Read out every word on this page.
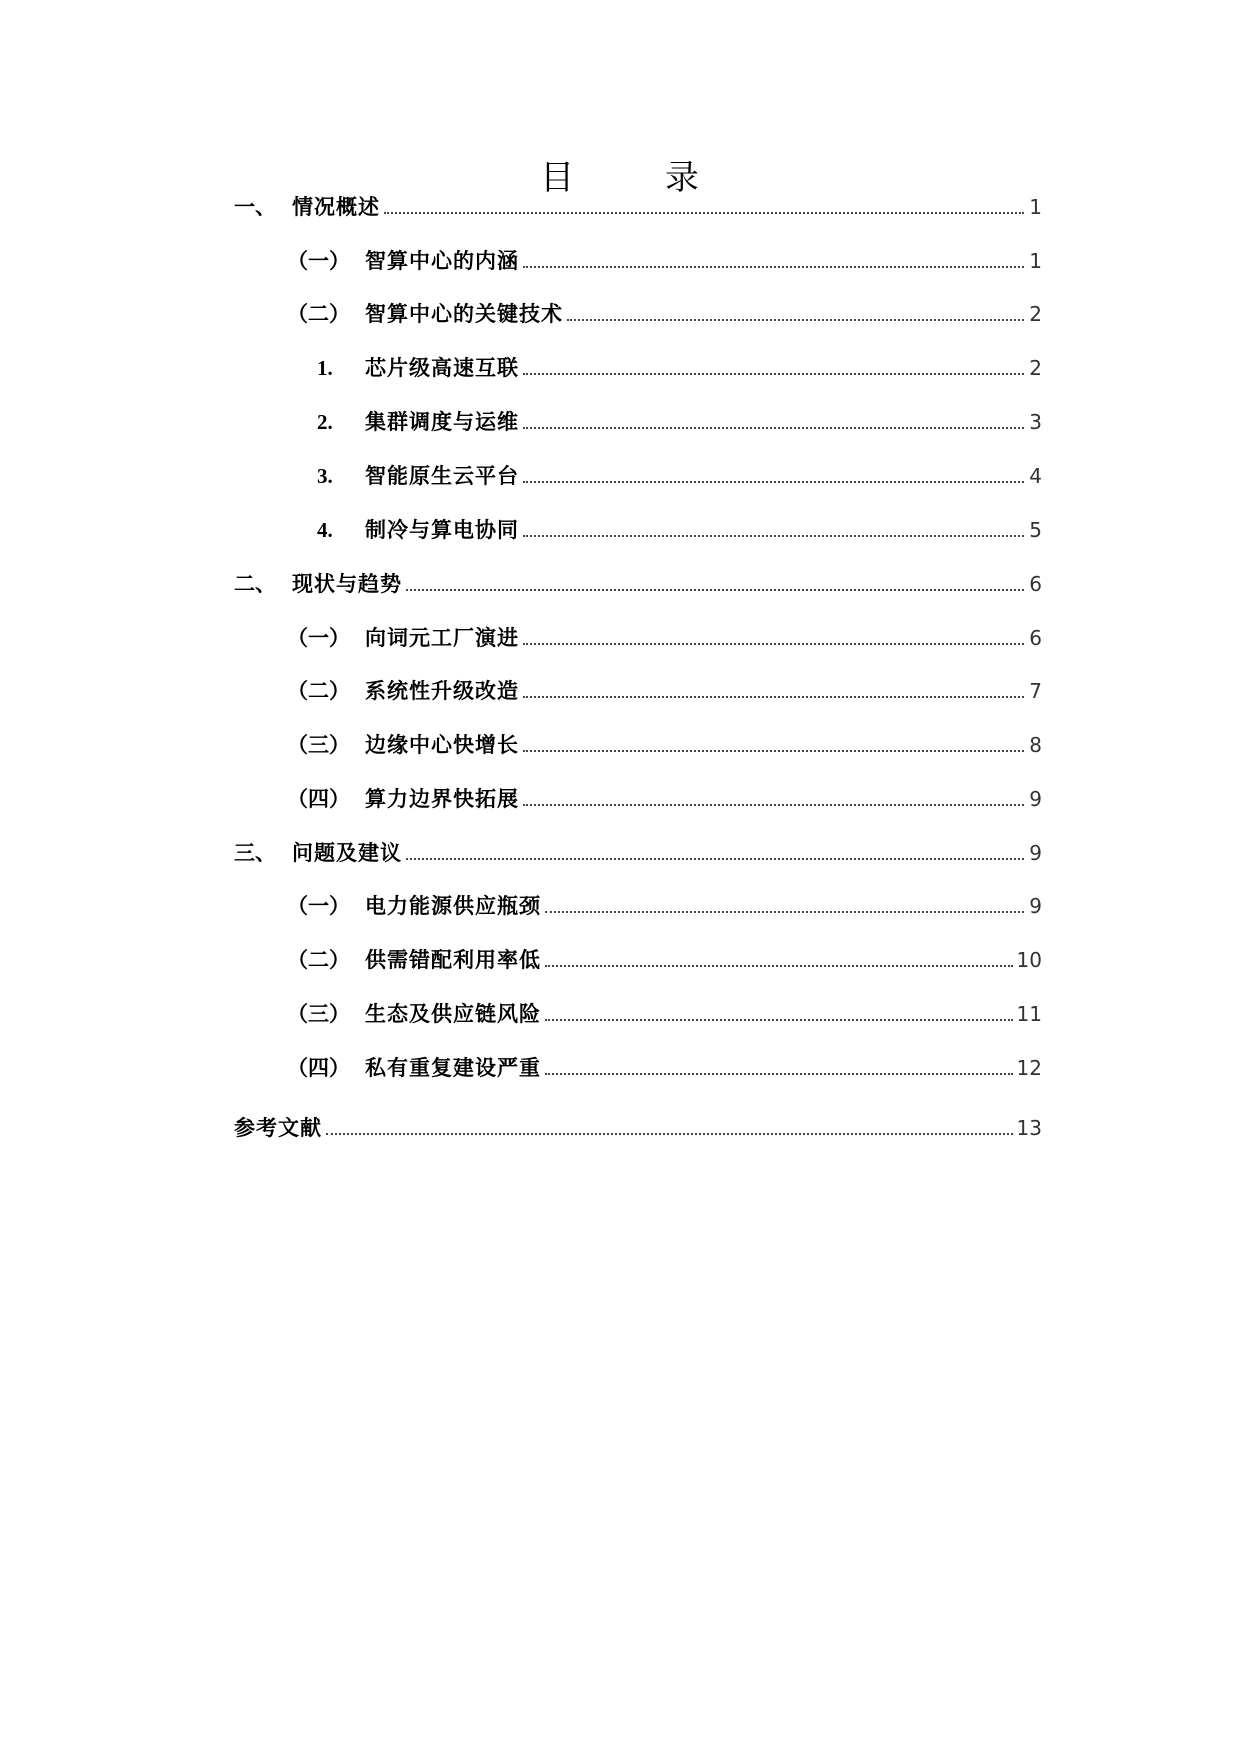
目 录
一、 情况概述	1
（一） 智算中心的内涵	1
（二） 智算中心的关键技术	2
1.	芯片级高速互联	2
2.	集群调度与运维	3
3.	智能原生云平台	4
4.	制冷与算电协同	5
二、 现状与趋势	6
（一） 向词元工厂演进	6
（二） 系统性升级改造	7
（三） 边缘中心快增长	8
（四） 算力边界快拓展	9
三、 问题及建议	9
（一） 电力能源供应瓶颈	9
（二） 供需错配利用率低	10
（三） 生态及供应链风险	11
（四） 私有重复建设严重	12
参考文献	13
